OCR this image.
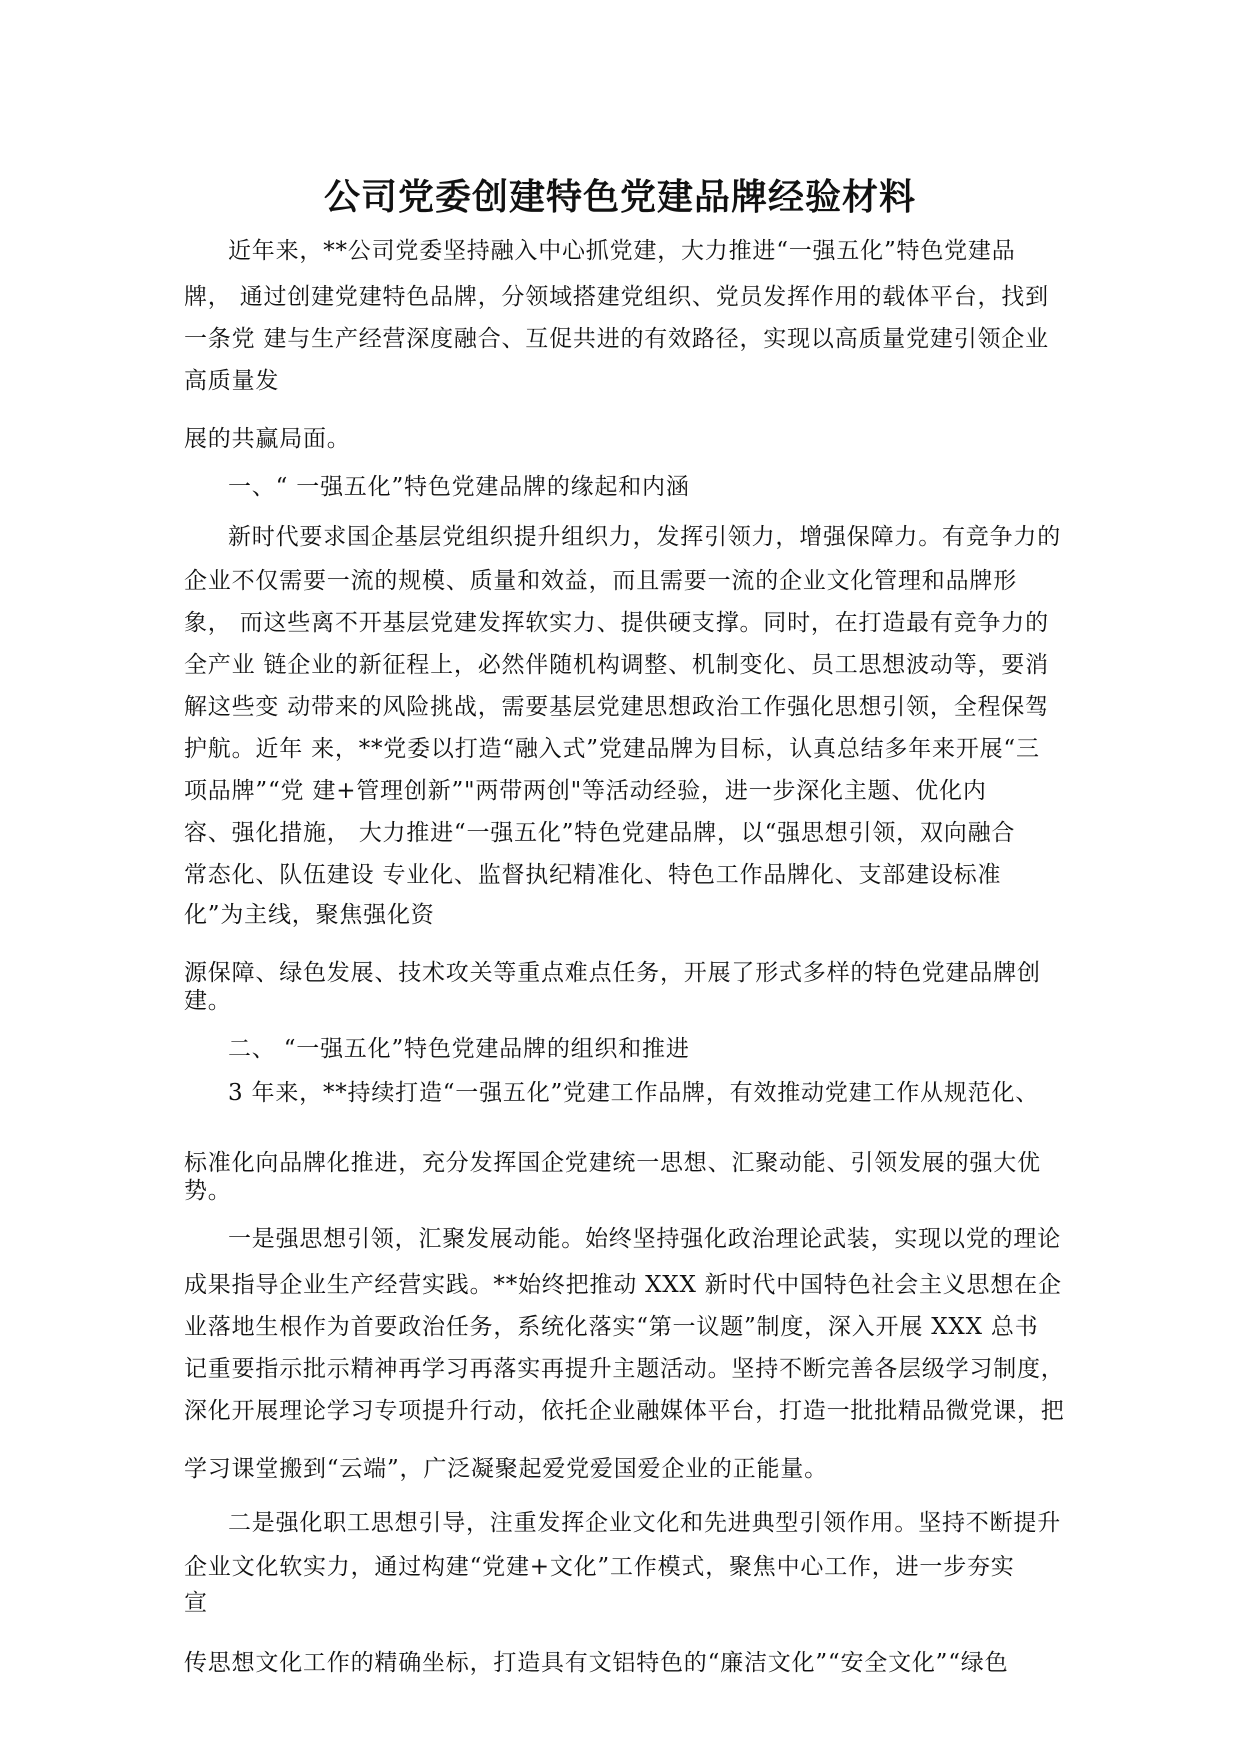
公司党委创建特色党建品牌经验材料
近年来，**公司党委坚持融入中心抓党建，大力推进“一强五化”特色党建品
牌， 通过创建党建特色品牌，分领域搭建党组织、党员发挥作用的载体平台，找到
一条党 建与生产经营深度融合、互促共进的有效路径，实现以高质量党建引领企业
高质量发
展的共赢局面。
一、“ 一强五化”特色党建品牌的缘起和内涵
新时代要求国企基层党组织提升组织力，发挥引领力，增强保障力。有竞争力的
企业不仅需要一流的规模、质量和效益，而且需要一流的企业文化管理和品牌形
象， 而这些离不开基层党建发挥软实力、提供硬支撑。同时，在打造最有竞争力的
全产业 链企业的新征程上，必然伴随机构调整、机制变化、员工思想波动等，要消
解这些变 动带来的风险挑战，需要基层党建思想政治工作强化思想引领，全程保驾
护航。近年 来，**党委以打造“融入式”党建品牌为目标，认真总结多年来开展“三
项品牌”“党 建+管理创新”"两带两创"等活动经验，进一步深化主题、优化内
容、强化措施， 大力推进“一强五化”特色党建品牌，以“强思想引领，双向融合
常态化、队伍建设 专业化、监督执纪精准化、特色工作品牌化、支部建设标准
化”为主线，聚焦强化资
源保障、绿色发展、技术攻关等重点难点任务，开展了形式多样的特色党建品牌创
建。
二、 “一强五化”特色党建品牌的组织和推进
3 年来，**持续打造“一强五化”党建工作品牌，有效推动党建工作从规范化、
标准化向品牌化推进，充分发挥国企党建统一思想、汇聚动能、引领发展的强大优
势。
一是强思想引领，汇聚发展动能。始终坚持强化政治理论武装，实现以党的理论
成果指导企业生产经营实践。**始终把推动 XXX 新时代中国特色社会主义思想在企
业落地生根作为首要政治任务，系统化落实“第一议题”制度，深入开展 XXX 总书
记重要指示批示精神再学习再落实再提升主题活动。坚持不断完善各层级学习制度，
深化开展理论学习专项提升行动，依托企业融媒体平台，打造一批批精品微党课，把
学习课堂搬到“云端”，广泛凝聚起爱党爱国爱企业的正能量。
二是强化职工思想引导，注重发挥企业文化和先进典型引领作用。坚持不断提升
企业文化软实力，通过构建“党建+文化”工作模式，聚焦中心工作，进一步夯实
宣
传思想文化工作的精确坐标，打造具有文铝特色的“廉洁文化”“安全文化”“绿色
